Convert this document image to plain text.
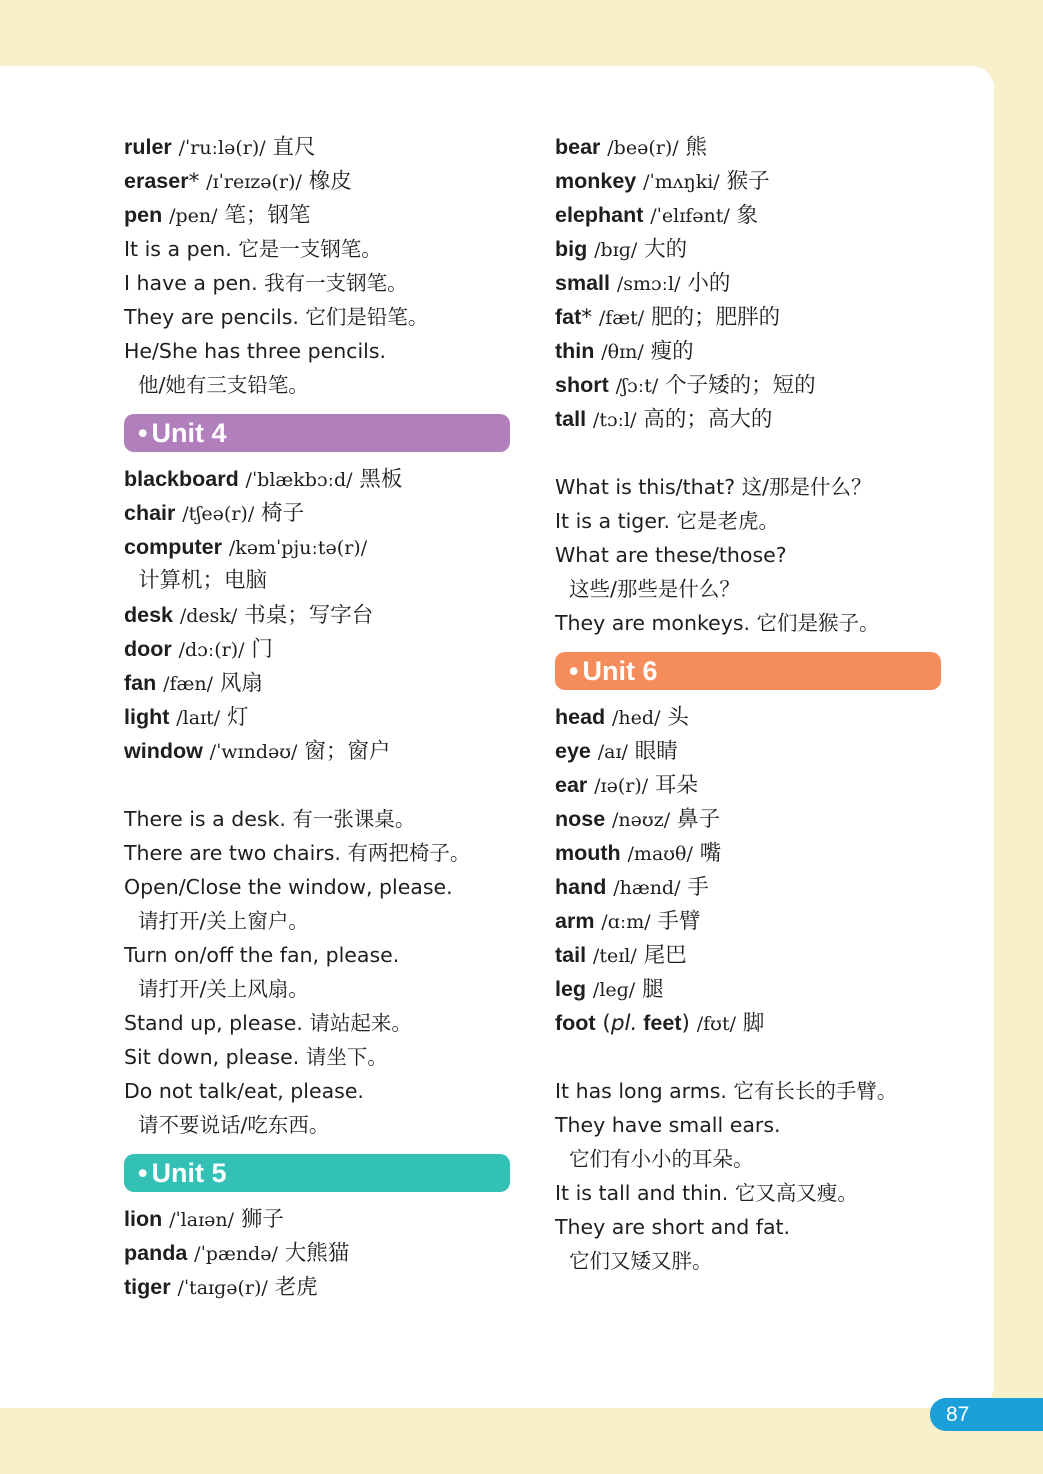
ruler /ˈruːlə(r)/ 直尺
eraser* /ɪˈreɪzə(r)/ 橡皮
pen /pen/ 笔；钢笔
It is a pen. 它是一支钢笔。
I have a pen. 我有一支钢笔。
They are pencils. 它们是铅笔。
He/She has three pencils.
他/她有三支铅笔。
• Unit 4
blackboard /ˈblækbɔːd/ 黑板
chair /tʃeə(r)/ 椅子
computer /kəmˈpjuːtə(r)/
计算机；电脑
desk /desk/ 书桌；写字台
door /dɔː(r)/ 门
fan /fæn/ 风扇
light /laɪt/ 灯
window /ˈwɪndəʊ/ 窗；窗户
There is a desk. 有一张课桌。
There are two chairs. 有两把椅子。
Open/Close the window, please.
请打开/关上窗户。
Turn on/off the fan, please.
请打开/关上风扇。
Stand up, please. 请站起来。
Sit down, please. 请坐下。
Do not talk/eat, please.
请不要说话/吃东西。
• Unit 5
lion /ˈlaɪən/ 狮子
panda /ˈpændə/ 大熊猫
tiger /ˈtaɪɡə(r)/ 老虎
bear /beə(r)/ 熊
monkey /ˈmʌŋki/ 猴子
elephant /ˈelɪfənt/ 象
big /bɪɡ/ 大的
small /smɔːl/ 小的
fat* /fæt/ 肥的；肥胖的
thin /θɪn/ 瘦的
short /ʃɔːt/ 个子矮的；短的
tall /tɔːl/ 高的；高大的
What is this/that? 这/那是什么？
It is a tiger. 它是老虎。
What are these/those?
这些/那些是什么？
They are monkeys. 它们是猴子。
• Unit 6
head /hed/ 头
eye /aɪ/ 眼睛
ear /ɪə(r)/ 耳朵
nose /nəʊz/ 鼻子
mouth /maʊθ/ 嘴
hand /hænd/ 手
arm /ɑːm/ 手臂
tail /teɪl/ 尾巴
leg /leɡ/ 腿
foot (pl. feet) /fʊt/ 脚
It has long arms. 它有长长的手臂。
They have small ears.
它们有小小的耳朵。
It is tall and thin. 它又高又瘦。
They are short and fat.
它们又矮又胖。
87
